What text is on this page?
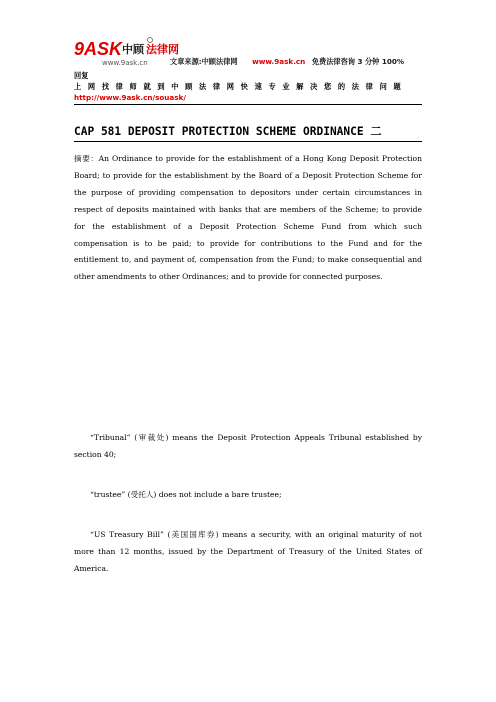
9ASK 中顾 法律网
www.9ask.cn	文章来源:中顾法律网 www.9ask.cn 免费法律咨询 3 分钟 100%
回复
上 网 找 律 师 就 到 中 顾 法 律 网 快 速 专 业 解 决 您 的 法 律 问 题
http://www.9ask.cn/souask/
CAP 581 DEPOSIT PROTECTION SCHEME ORDINANCE 二
摘要：An Ordinance to provide for the establishment of a Hong Kong Deposit Protection Board; to provide for the establishment by the Board of a Deposit Protection Scheme for the purpose of providing compensation to depositors under certain circumstances in respect of deposits maintained with banks that are members of the Scheme; to provide for the establishment of a Deposit Protection Scheme Fund from which such compensation is to be paid; to provide for contributions to the Fund and for the entitlement to, and payment of, compensation from the Fund; to make consequential and other amendments to other Ordinances; and to provide for connected purposes.
“Tribunal” (审裁处) means the Deposit Protection Appeals Tribunal established by section 40;
“trustee” (受托人) does not include a bare trustee;
“US Treasury Bill” (美国国库券) means a security, with an original maturity of not more than 12 months, issued by the Department of Treasury of the United States of America.
